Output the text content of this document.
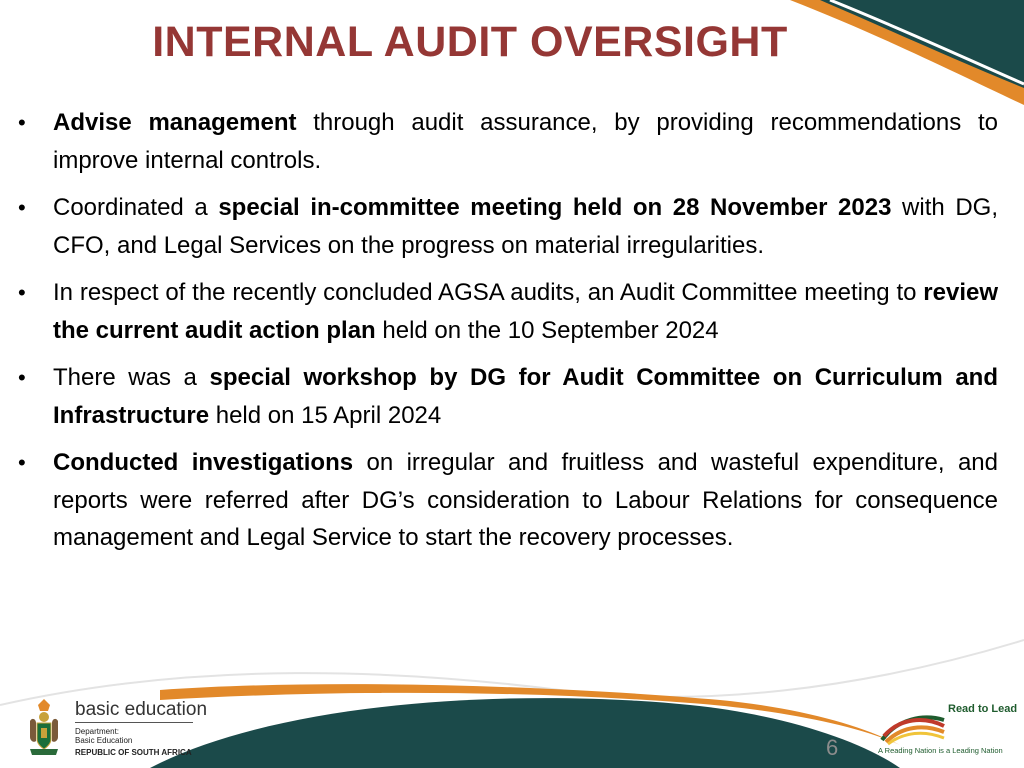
INTERNAL AUDIT OVERSIGHT
• Advise management through audit assurance, by providing recommendations to improve internal controls.
• Coordinated a special in-committee meeting held on 28 November 2023 with DG, CFO, and Legal Services on the progress on material irregularities.
• In respect of the recently concluded AGSA audits, an Audit Committee meeting to review the current audit action plan held on the 10 September 2024
• There was a special workshop by DG for Audit Committee on Curriculum and Infrastructure held on 15 April 2024
• Conducted investigations on irregular and fruitless and wasteful expenditure, and reports were referred after DG’s consideration to Labour Relations for consequence management and Legal Service to start the recovery processes.
basic education
Department:
Basic Education
REPUBLIC OF SOUTH AFRICA	6
Read to Lead
A Reading Nation is a Leading Nation
